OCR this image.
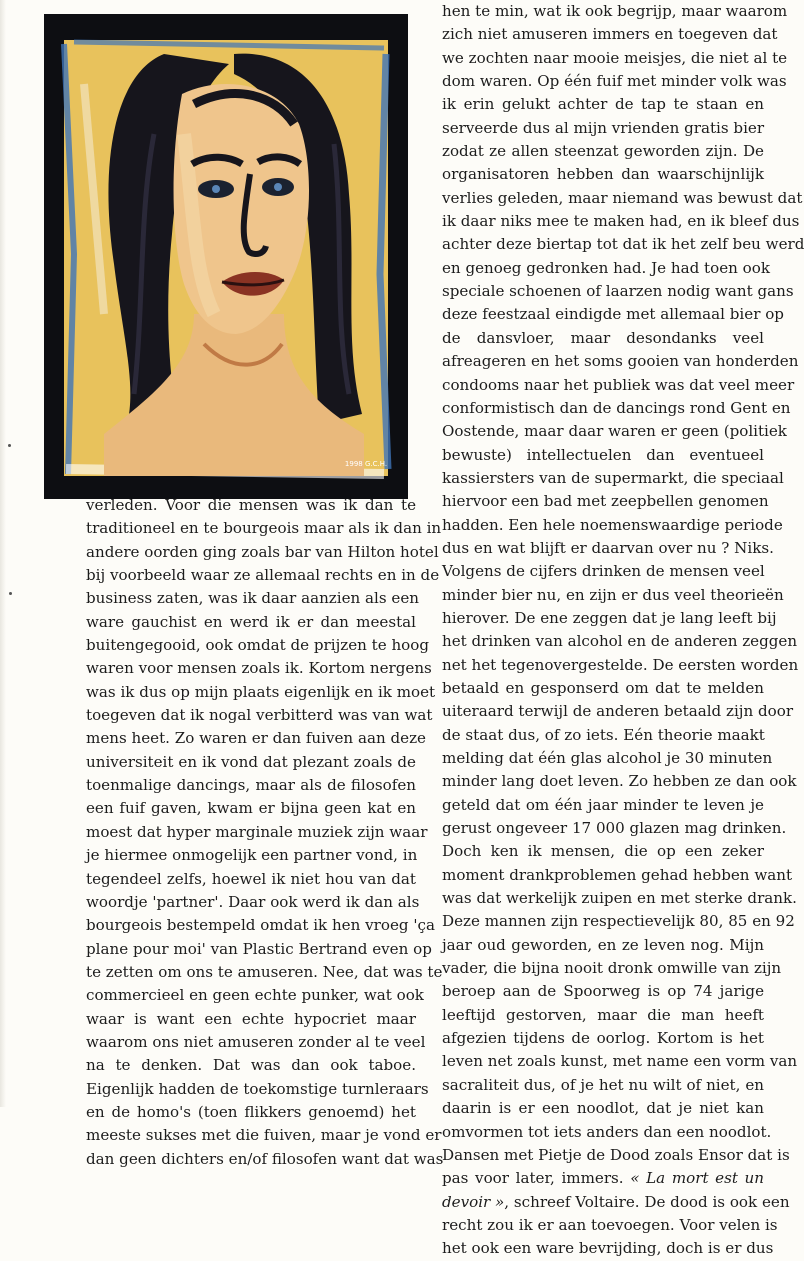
1998 G.C.H.

verleden. Voor die mensen was ik dan te

traditioneel en te bourgeois maar als ik dan in

andere oorden ging zoals bar van Hilton hotel

bij voorbeeld waar ze allemaal rechts en in de

business zaten, was ik daar aanzien als een

ware gauchist en werd ik er dan meestal

buitengegooid, ook omdat de prijzen te hoog

waren voor mensen zoals ik. Kortom nergens

was ik dus op mijn plaats eigenlijk en ik moet

toegeven dat ik nogal verbitterd was van wat

mens heet. Zo waren er dan fuiven aan deze

universiteit en ik vond dat plezant zoals de

toenmalige dancings, maar als de filosofen

een fuif gaven, kwam er bijna geen kat en

moest dat hyper marginale muziek zijn waar

je hiermee onmogelijk een partner vond, in

tegendeel zelfs, hoewel ik niet hou van dat

woordje 'partner'. Daar ook werd ik dan als

bourgeois bestempeld omdat ik hen vroeg 'ça

plane pour moi' van Plastic Bertrand even op

te zetten om ons te amuseren. Nee, dat was te

commercieel en geen echte punker, wat ook

waar is want een echte hypocriet maar

waarom ons niet amuseren zonder al te veel

na te denken. Dat was dan ook taboe.

Eigenlijk hadden de toekomstige turnleraars

en de homo's (toen flikkers genoemd) het

meeste sukses met die fuiven, maar je vond er

dan geen dichters en/of filosofen want dat was

hen te min, wat ik ook begrijp, maar waarom

zich niet amuseren immers en toegeven dat

we zochten naar mooie meisjes, die niet al te

dom waren. Op één fuif met minder volk was

ik erin gelukt achter de tap te staan en

serveerde dus al mijn vrienden gratis bier

zodat ze allen steenzat geworden zijn. De

organisatoren hebben dan waarschijnlijk

verlies geleden, maar niemand was bewust dat

ik daar niks mee te maken had, en ik bleef dus

achter deze biertap tot dat ik het zelf beu werd

en genoeg gedronken had. Je had toen ook

speciale schoenen of laarzen nodig want gans

deze feestzaal eindigde met allemaal bier op

de dansvloer, maar desondanks veel

afreageren en het soms gooien van honderden

condooms naar het publiek was dat veel meer

conformistisch dan de dancings rond Gent en

Oostende, maar daar waren er geen (politiek

bewuste) intellectuelen dan eventueel

kassiersters van de supermarkt, die speciaal

hiervoor een bad met zeepbellen genomen

hadden. Een hele noemenswaardige periode

dus en wat blijft er daarvan over nu ? Niks.

Volgens de cijfers drinken de mensen veel

minder bier nu, en zijn er dus veel theorieën

hierover. De ene zeggen dat je lang leeft bij

het drinken van alcohol en de anderen zeggen

net het tegenovergestelde. De eersten worden

betaald en gesponserd om dat te melden

uiteraard terwijl de anderen betaald zijn door

de staat dus, of zo iets. Eén theorie maakt

melding dat één glas alcohol je 30 minuten

minder lang doet leven. Zo hebben ze dan ook

geteld dat om één jaar minder te leven je

gerust ongeveer 17 000 glazen mag drinken.

Doch ken ik mensen, die op een zeker

moment drankproblemen gehad hebben want

was dat werkelijk zuipen en met sterke drank.

Deze mannen zijn respectievelijk 80, 85 en 92

jaar oud geworden, en ze leven nog. Mijn

vader, die bijna nooit dronk omwille van zijn

beroep aan de Spoorweg is op 74 jarige

leeftijd gestorven, maar die man heeft

afgezien tijdens de oorlog. Kortom is het

leven net zoals kunst, met name een vorm van

sacraliteit dus, of je het nu wilt of niet, en

daarin is er een noodlot, dat je niet kan

omvormen tot iets anders dan een noodlot.

Dansen met Pietje de Dood zoals Ensor dat is

pas voor later, immers. « La mort est un

devoir », schreef Voltaire. De dood is ook een

recht zou ik er aan toevoegen. Voor velen is

het ook een ware bevrijding, doch is er dus
